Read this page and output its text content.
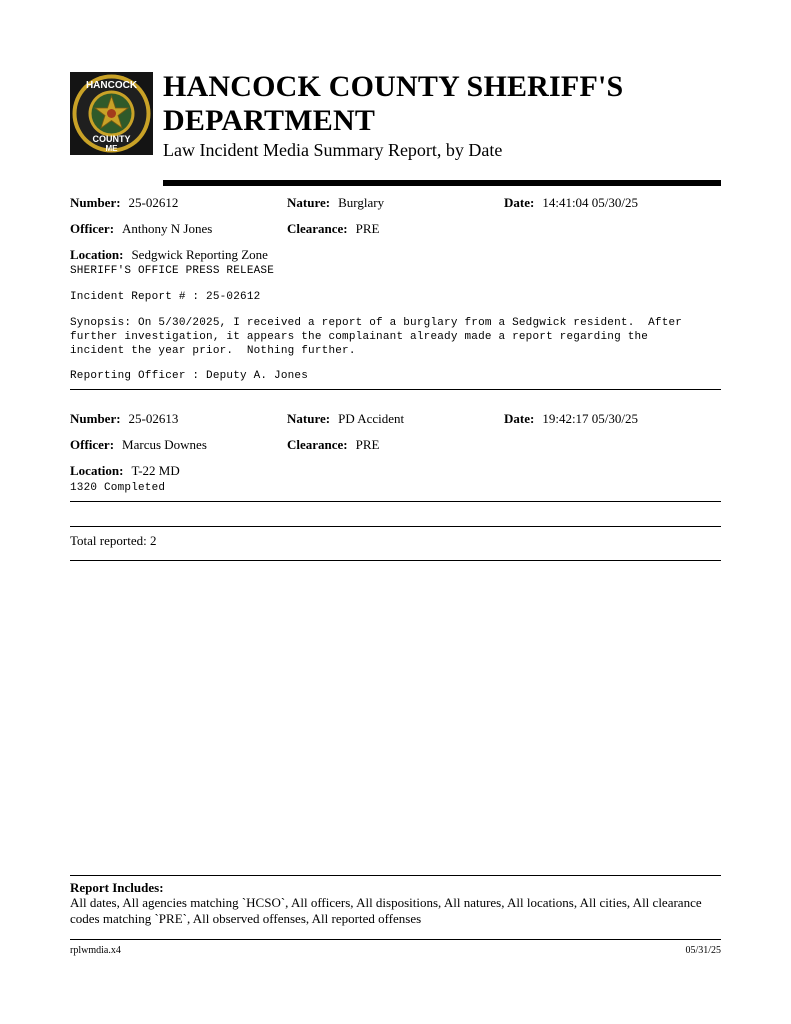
HANCOCK
COUNTY
ME
HANCOCK COUNTY SHERIFF'S DEPARTMENT
Law Incident Media Summary Report, by Date
Number: 25-02612	Nature: Burglary	Date: 14:41:04 05/30/25
Officer: Anthony N Jones	Clearance: PRE
Location: Sedgwick Reporting Zone
SHERIFF'S OFFICE PRESS RELEASE
Incident Report # : 25-02612
Synopsis: On 5/30/2025, I received a report of a burglary from a Sedgwick resident.  After
further investigation, it appears the complainant already made a report regarding the
incident the year prior.  Nothing further.
Reporting Officer : Deputy A. Jones
Number: 25-02613	Nature: PD Accident	Date: 19:42:17 05/30/25
Officer: Marcus Downes	Clearance: PRE
Location: T-22 MD
1320 Completed
Total reported: 2
Report Includes:
All dates, All agencies matching `HCSO`, All officers, All dispositions, All natures, All locations, All cities, All clearance codes matching `PRE`, All observed offenses, All reported offenses
rplwmdia.x4	05/31/25
